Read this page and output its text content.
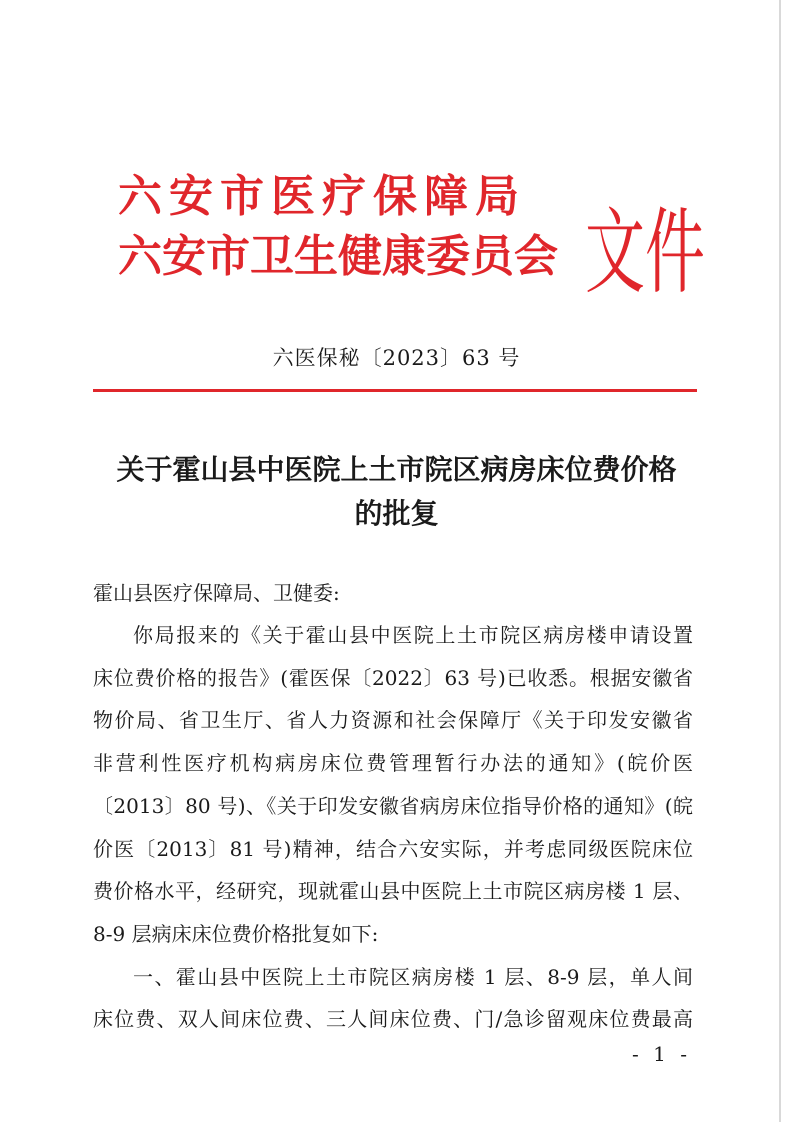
六安市医疗保障局
六安市卫生健康委员会 文件
六医保秘〔2023〕63 号
关于霍山县中医院上土市院区病房床位费价格
的批复
霍山县医疗保障局、卫健委:
你局报来的《关于霍山县中医院上土市院区病房楼申请设置
床位费价格的报告》(霍医保〔2022〕63 号)已收悉。根据安徽省
物价局、省卫生厅、省人力资源和社会保障厅《关于印发安徽省
非营利性医疗机构病房床位费管理暂行办法的通知》(皖价医
〔2013〕80 号)、《关于印发安徽省病房床位指导价格的通知》(皖
价医〔2013〕81 号)精神，结合六安实际，并考虑同级医院床位
费价格水平，经研究，现就霍山县中医院上土市院区病房楼 1 层、
8-9 层病床床位费价格批复如下:
一、霍山县中医院上土市院区病房楼 1 层、8-9 层，单人间
床位费、双人间床位费、三人间床位费、门/急诊留观床位费最高
- 1 -
